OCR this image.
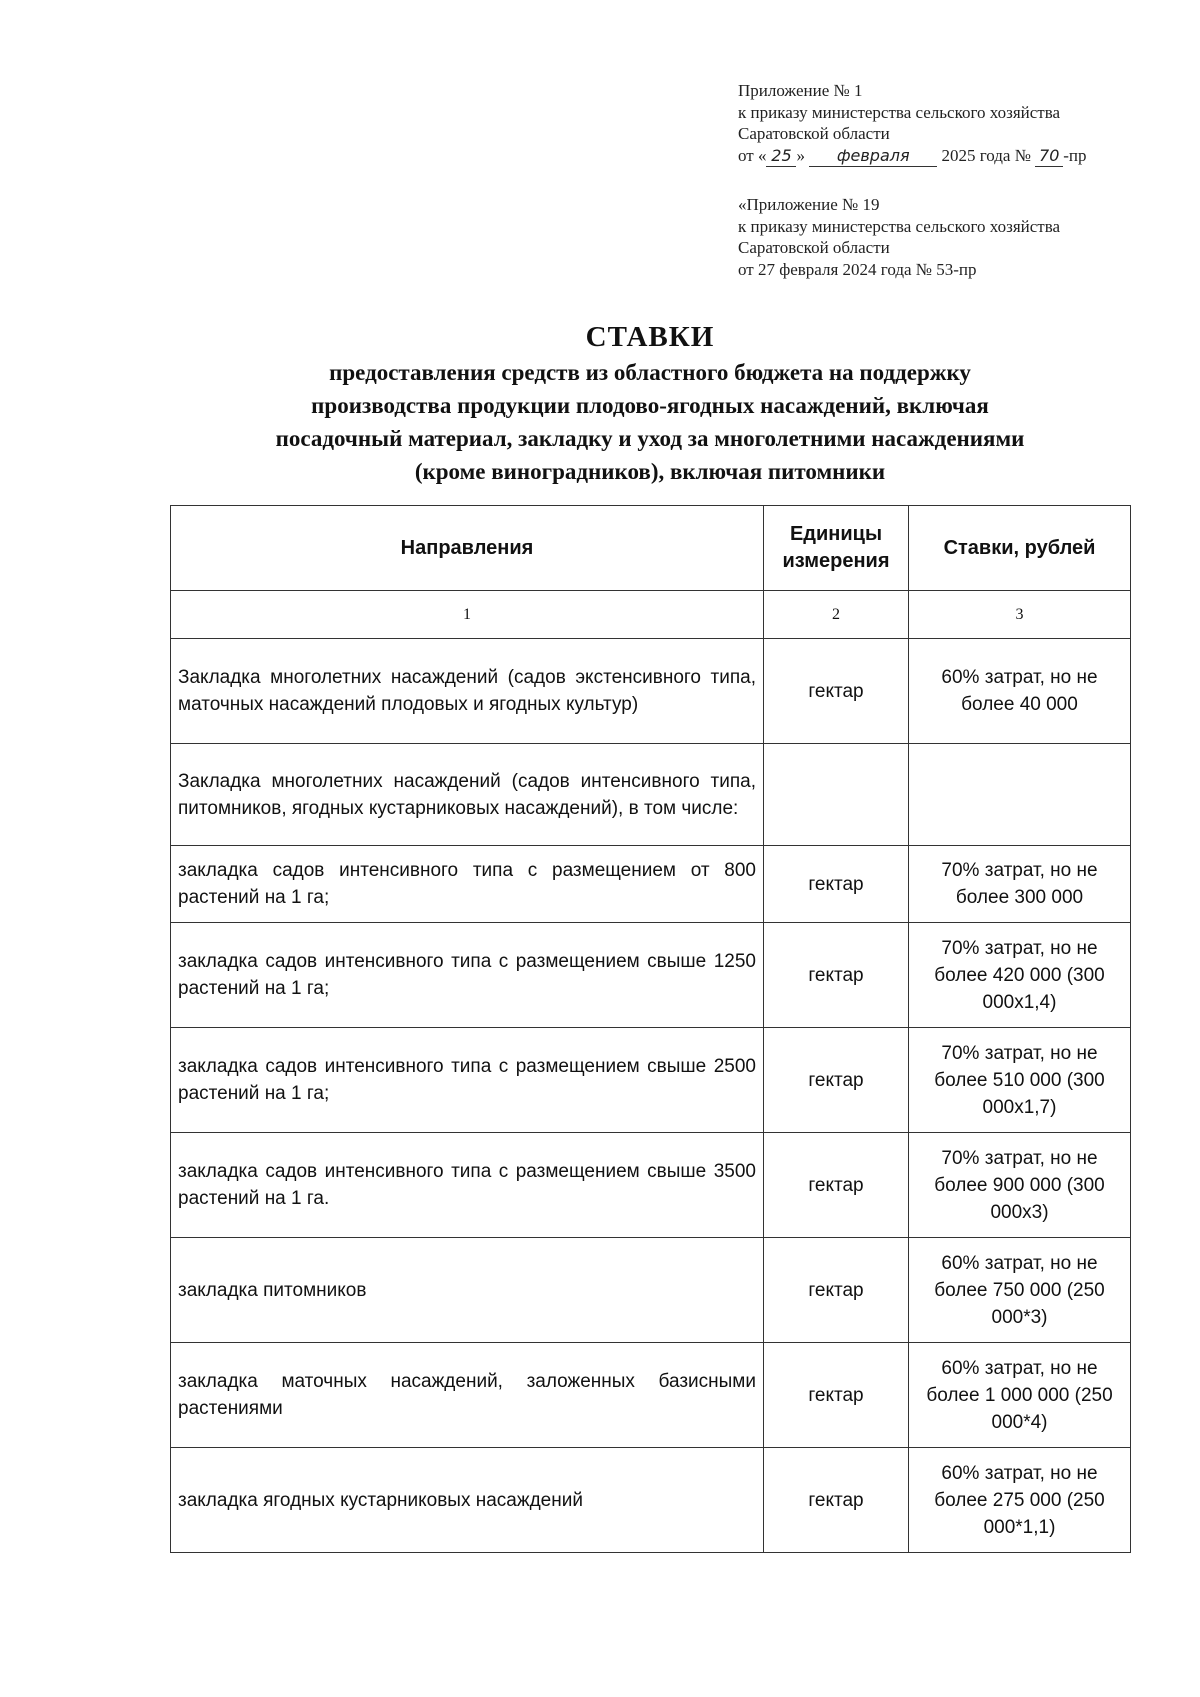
Приложение № 1
к приказу министерства сельского хозяйства
Саратовской области
от « 25 » февраля 2025 года № 70 -пр
«Приложение № 19
к приказу министерства сельского хозяйства
Саратовской области
от 27 февраля 2024 года № 53-пр
СТАВКИ
предоставления средств из областного бюджета на поддержку
производства продукции плодово-ягодных насаждений, включая
посадочный материал, закладку и уход за многолетними насаждениями
(кроме виноградников), включая питомники
Направления	Единицы измерения	Ставки, рублей
1	2	3
Закладка многолетних насаждений (садов экстенсивного типа, маточных насаждений плодовых и ягодных культур)	гектар	60% затрат, но не более 40 000
Закладка многолетних насаждений (садов интенсивного типа, питомников, ягодных кустарниковых насаждений), в том числе:		
закладка садов интенсивного типа с размещением от 800 растений на 1 га;	гектар	70% затрат, но не более 300 000
закладка садов интенсивного типа с размещением свыше 1250 растений на 1 га;	гектар	70% затрат, но не более 420 000 (300 000х1,4)
закладка садов интенсивного типа с размещением свыше 2500 растений на 1 га;	гектар	70% затрат, но не более 510 000 (300 000х1,7)
закладка садов интенсивного типа с размещением свыше 3500 растений на 1 га.	гектар	70% затрат, но не более 900 000 (300 000х3)
закладка питомников	гектар	60% затрат, но не более 750 000 (250 000*3)
закладка маточных насаждений, заложенных базисными растениями	гектар	60% затрат, но не более 1 000 000 (250 000*4)
закладка ягодных кустарниковых насаждений	гектар	60% затрат, но не более 275 000 (250 000*1,1)
